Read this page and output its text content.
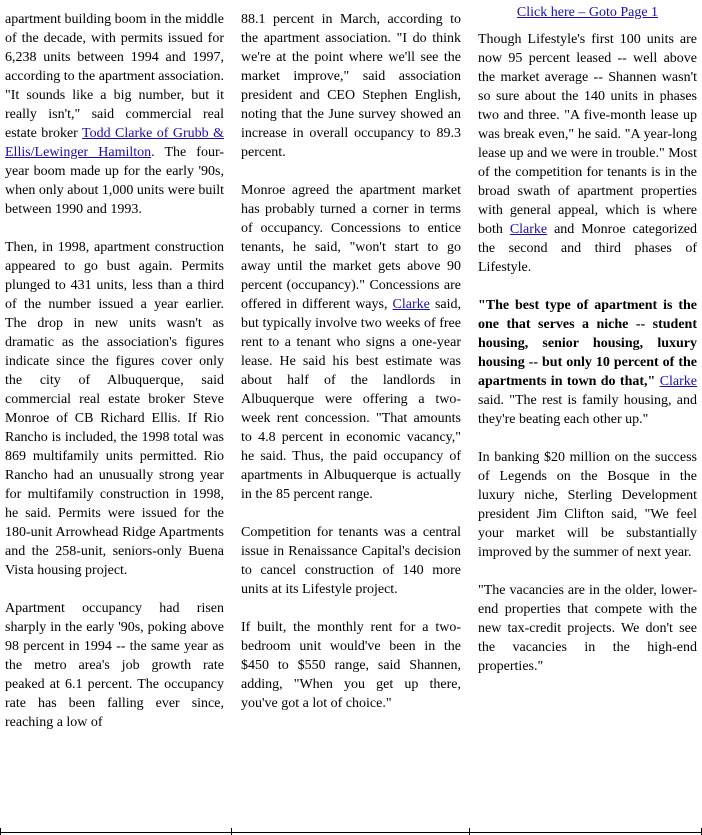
apartment building boom in the middle of the decade, with permits issued for 6,238 units between 1994 and 1997, according to the apartment association. "It sounds like a big number, but it really isn't," said commercial real estate broker Todd Clarke of Grubb & Ellis/Lewinger Hamilton. The four-year boom made up for the early '90s, when only about 1,000 units were built between 1990 and 1993.

Then, in 1998, apartment construction appeared to go bust again. Permits plunged to 431 units, less than a third of the number issued a year earlier. The drop in new units wasn't as dramatic as the association's figures indicate since the figures cover only the city of Albuquerque, said commercial real estate broker Steve Monroe of CB Richard Ellis. If Rio Rancho is included, the 1998 total was 869 multifamily units permitted. Rio Rancho had an unusually strong year for multifamily construction in 1998, he said. Permits were issued for the 180-unit Arrowhead Ridge Apartments and the 258-unit, seniors-only Buena Vista housing project.

Apartment occupancy had risen sharply in the early '90s, poking above 98 percent in 1994 -- the same year as the metro area's job growth rate peaked at 6.1 percent. The occupancy rate has been falling ever since, reaching a low of

88.1 percent in March, according to the apartment association. "I do think we're at the point where we'll see the market improve," said association president and CEO Stephen English, noting that the June survey showed an increase in overall occupancy to 89.3 percent.

Monroe agreed the apartment market has probably turned a corner in terms of occupancy. Concessions to entice tenants, he said, "won't start to go away until the market gets above 90 percent (occupancy)." Concessions are offered in different ways, Clarke said, but typically involve two weeks of free rent to a tenant who signs a one-year lease. He said his best estimate was about half of the landlords in Albuquerque were offering a two-week rent concession. "That amounts to 4.8 percent in economic vacancy," he said. Thus, the paid occupancy of apartments in Albuquerque is actually in the 85 percent range.

Competition for tenants was a central issue in Renaissance Capital's decision to cancel construction of 140 more units at its Lifestyle project.

If built, the monthly rent for a two-bedroom unit would've been in the $450 to $550 range, said Shannen, adding, "When you get up there, you've got a lot of choice."

Click here – Goto Page 1

Though Lifestyle's first 100 units are now 95 percent leased -- well above the market average -- Shannen wasn't so sure about the 140 units in phases two and three. "A five-month lease up was break even," he said. "A year-long lease up and we were in trouble." Most of the competition for tenants is in the broad swath of apartment properties with general appeal, which is where both Clarke and Monroe categorized the second and third phases of Lifestyle.

"The best type of apartment is the one that serves a niche -- student housing, senior housing, luxury housing -- but only 10 percent of the apartments in town do that," Clarke said. "The rest is family housing, and they're beating each other up."

In banking $20 million on the success of Legends on the Bosque in the luxury niche, Sterling Development president Jim Clifton said, "We feel your market will be substantially improved by the summer of next year.

"The vacancies are in the older, lower-end properties that compete with the new tax-credit projects. We don't see the vacancies in the high-end properties."
